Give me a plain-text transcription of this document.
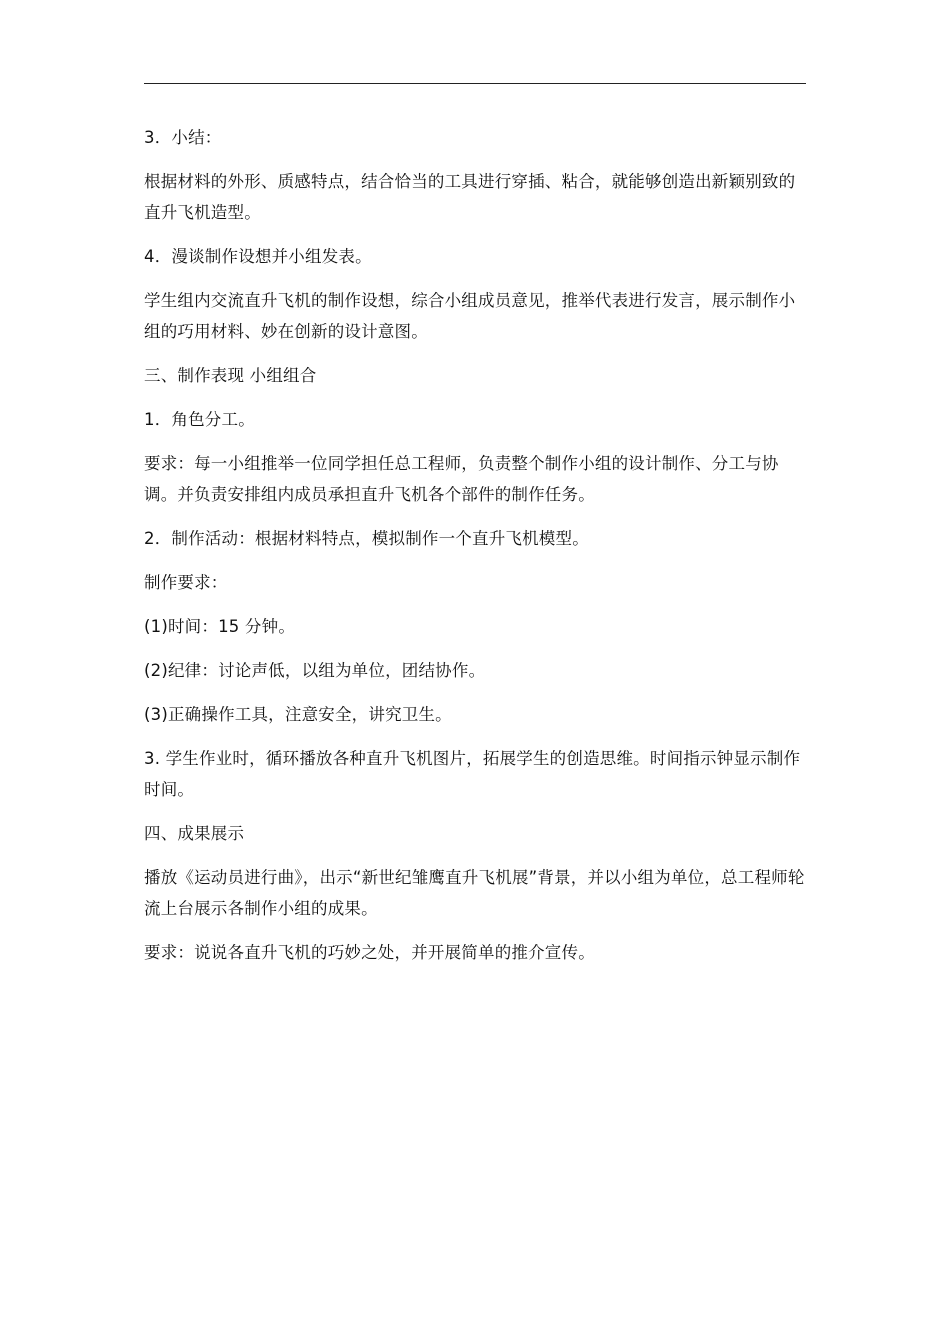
3．小结：

根据材料的外形、质感特点，结合恰当的工具进行穿插、粘合，就能够创造出新颖别致的直升飞机造型。

4．漫谈制作设想并小组发表。

学生组内交流直升飞机的制作设想，综合小组成员意见，推举代表进行发言，展示制作小组的巧用材料、妙在创新的设计意图。

三、制作表现 小组组合

1．角色分工。

要求：每一小组推举一位同学担任总工程师，负责整个制作小组的设计制作、分工与协调。并负责安排组内成员承担直升飞机各个部件的制作任务。

2．制作活动：根据材料特点，模拟制作一个直升飞机模型。

制作要求：

(1)时间：15 分钟。

(2)纪律：讨论声低，以组为单位，团结协作。

(3)正确操作工具，注意安全，讲究卫生。

3. 学生作业时，循环播放各种直升飞机图片，拓展学生的创造思维。时间指示钟显示制作时间。

四、成果展示

播放《运动员进行曲》，出示“新世纪雏鹰直升飞机展”背景，并以小组为单位，总工程师轮流上台展示各制作小组的成果。

要求：说说各直升飞机的巧妙之处，并开展简单的推介宣传。
